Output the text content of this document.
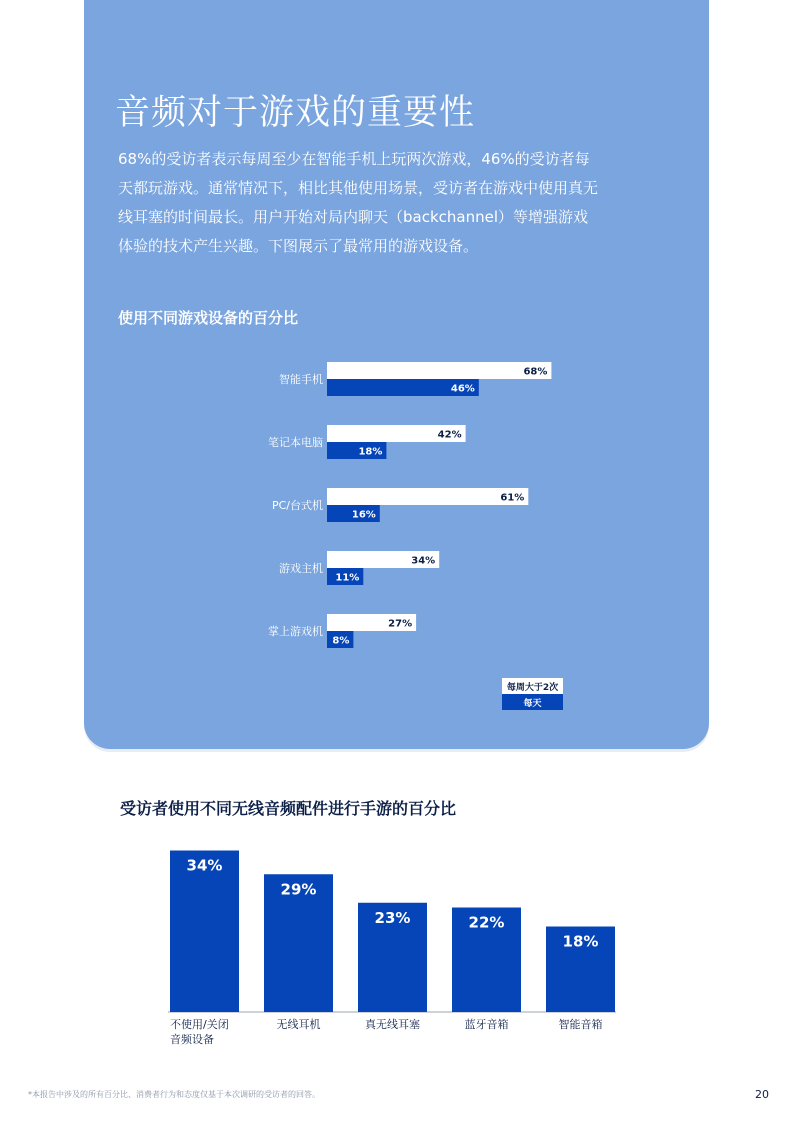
音频对于游戏的重要性

68%的受访者表示每周至少在智能手机上玩两次游戏，46%的受访者每天都玩游戏。通常情况下，相比其他使用场景，受访者在游戏中使用真无线耳塞的时间最长。用户开始对局内聊天（backchannel）等增强游戏体验的技术产生兴趣。下图展示了最常用的游戏设备。

使用不同游戏设备的百分比
受访者使用不同无线音频配件进行手游的百分比
智能手机
68%
46%
笔记本电脑
42%
18%
PC/台式机
61%
16%
游戏主机
34%
11%
掌上游戏机
27%
8%
每周大于2次
每天
34%
不使用/关闭
音频设备
29%
无线耳机
23%
真无线耳塞
22%
蓝牙音箱
18%
智能音箱
*本报告中涉及的所有百分比、消费者行为和态度仅基于本次调研的受访者的回答。	20
